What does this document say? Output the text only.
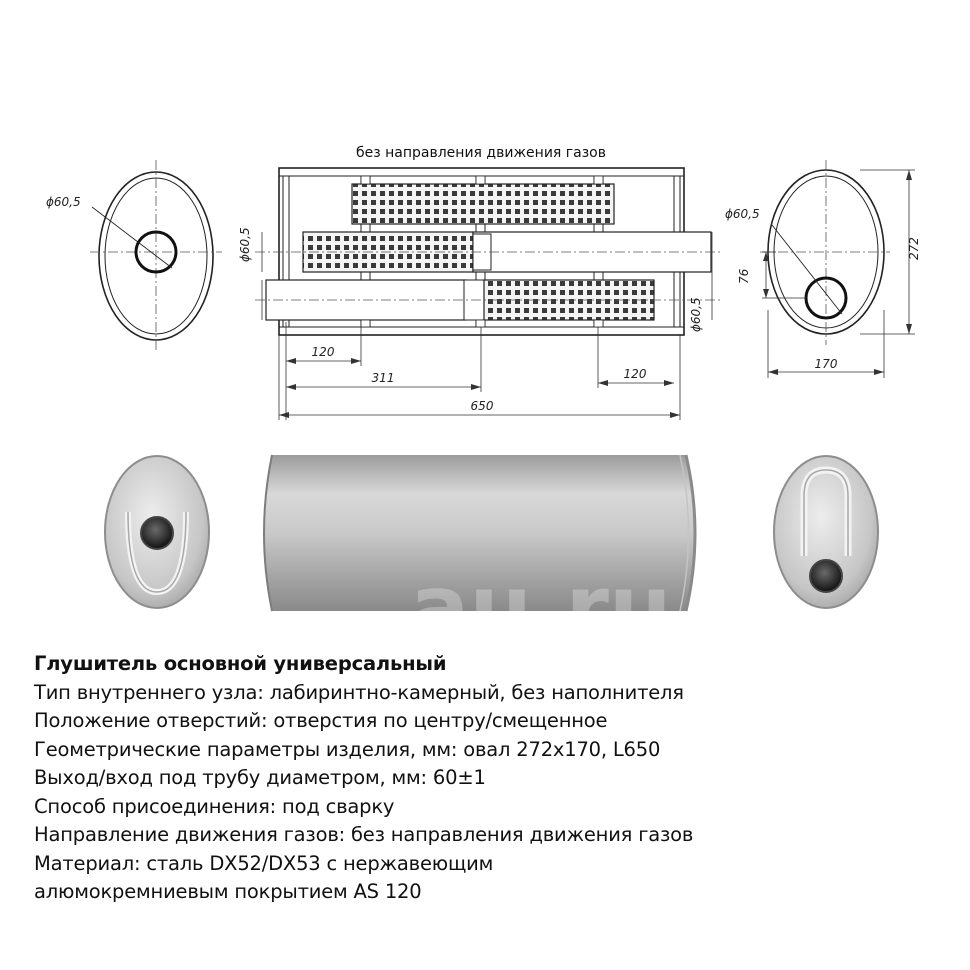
без направления движения газов
ϕ60,5
ϕ60,5
272
76
170
ϕ60,5
ϕ60,5
120
311	120
650
au.ru
Глушитель основной универсальный
Тип внутреннего узла: лабиринтно-камерный, без наполнителя
Положение отверстий: отверстия по центру/смещенное
Геометрические параметры изделия, мм: овал 272x170, L650
Выход/вход под трубу диаметром, мм: 60±1
Способ присоединения: под сварку
Направление движения газов: без направления движения газов
Материал: сталь DX52/DX53 с нержавеющим
алюмокремниевым покрытием AS 120
